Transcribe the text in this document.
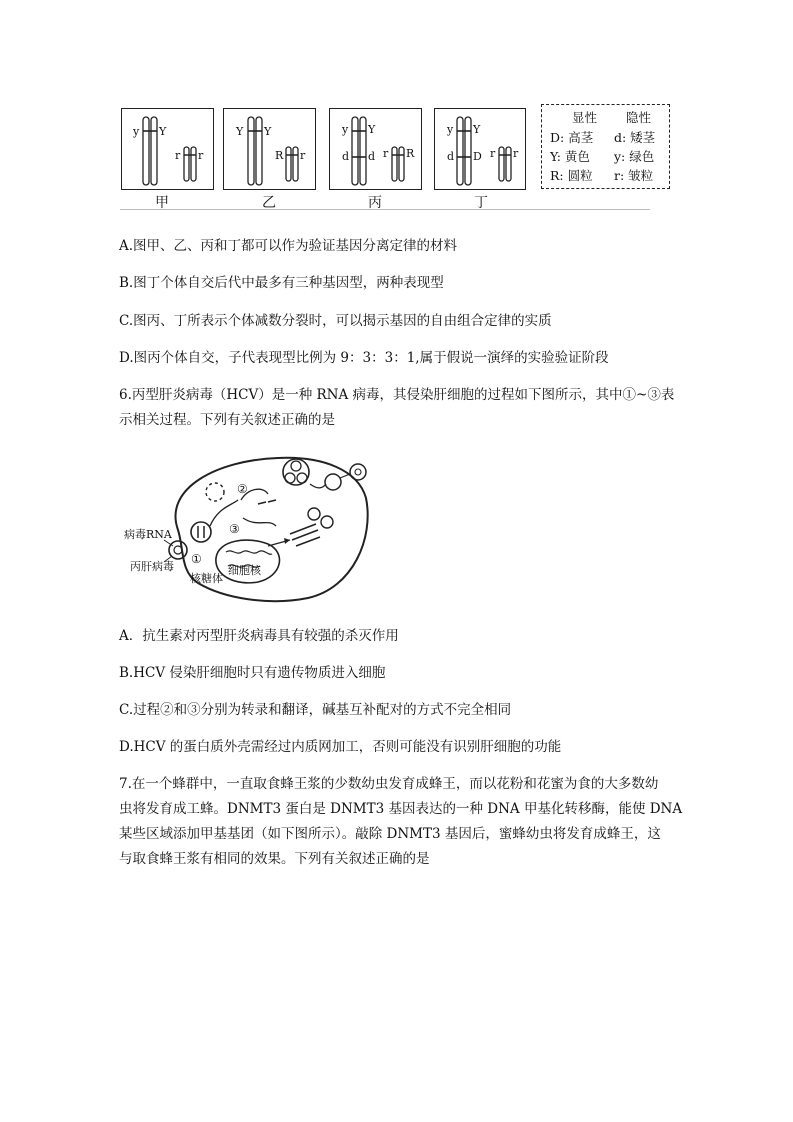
y Y
r r
甲
Y Y
R r
乙
y Y
d d r R
丙
y Y
d D r r
丁
显性 隐性
D: 高茎 d: 矮茎
Y: 黄色 y: 绿色
R: 圆粒 r: 皱粒
A.图甲、乙、丙和丁都可以作为验证基因分离定律的材料
B.图丁个体自交后代中最多有三种基因型，两种表现型
C.图丙、丁所表示个体减数分裂时，可以揭示基因的自由组合定律的实质
D.图丙个体自交，子代表现型比例为 9：3：3：1,属于假说一演绎的实验验证阶段
6.丙型肝炎病毒（HCV）是一种 RNA 病毒，其侵染肝细胞的过程如下图所示，其中①~③表
示相关过程。下列有关叙述正确的是
病毒RNA
丙肝病毒
核糖体
细胞核
①
②
③
A．抗生素对丙型肝炎病毒具有较强的杀灭作用
B.HCV 侵染肝细胞时只有遗传物质进入细胞
C.过程②和③分别为转录和翻译，碱基互补配对的方式不完全相同
D.HCV 的蛋白质外壳需经过内质网加工，否则可能没有识别肝细胞的功能
7.在一个蜂群中，一直取食蜂王浆的少数幼虫发育成蜂王，而以花粉和花蜜为食的大多数幼
虫将发育成工蜂。DNMT3 蛋白是 DNMT3 基因表达的一种 DNA 甲基化转移酶，能使 DNA
某些区域添加甲基基团（如下图所示）。敲除 DNMT3 基因后，蜜蜂幼虫将发育成蜂王，这
与取食蜂王浆有相同的效果。下列有关叙述正确的是
